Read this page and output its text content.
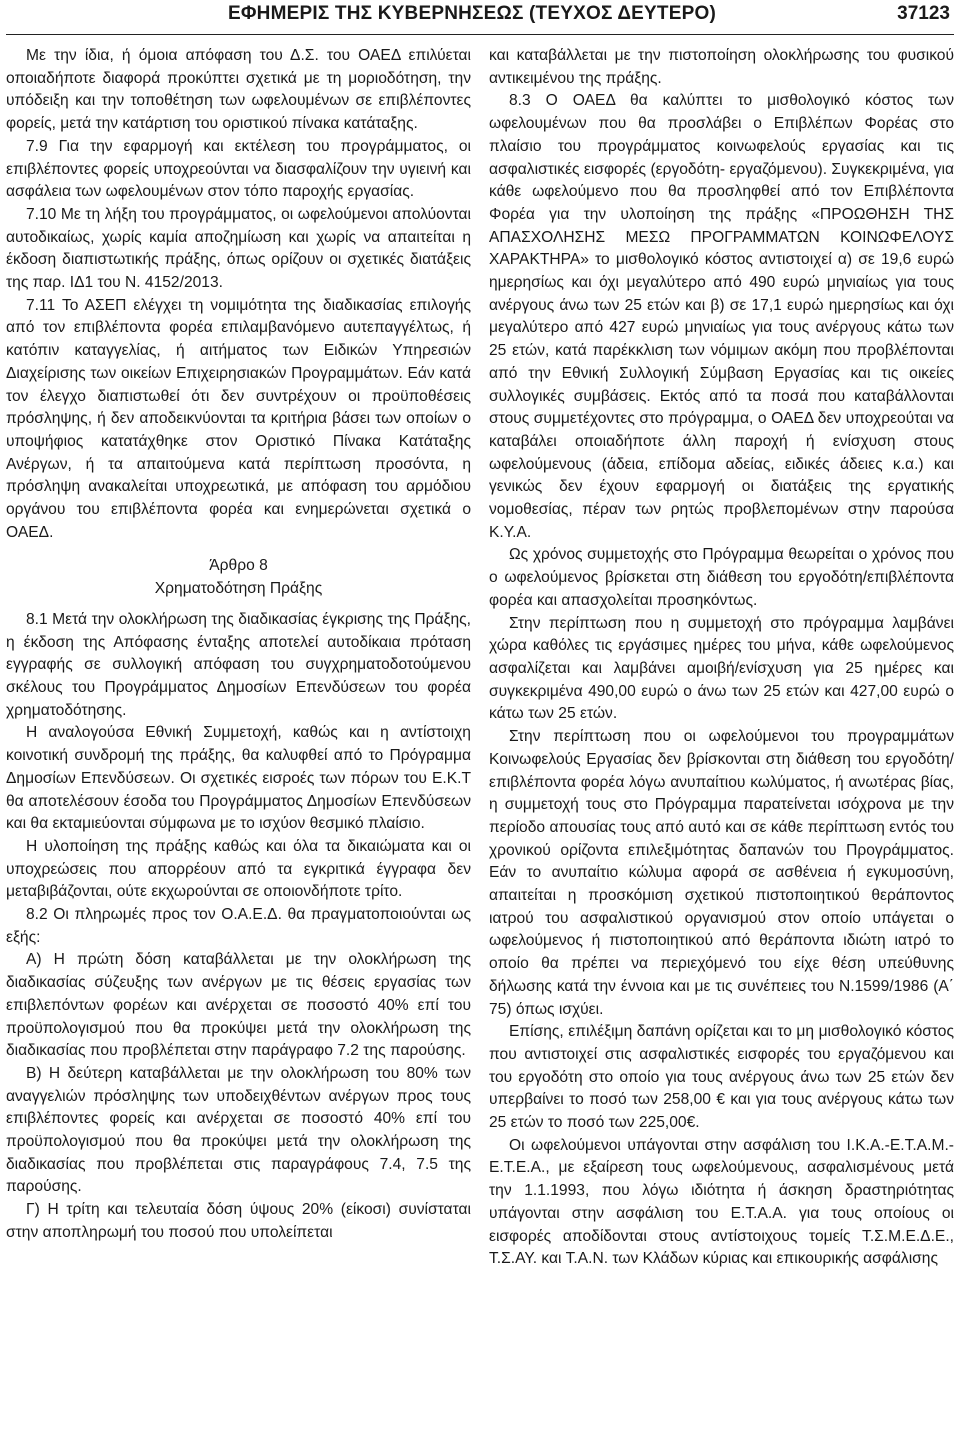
ΕΦΗΜΕΡΙΣ ΤΗΣ ΚΥΒΕΡΝΗΣΕΩΣ (ΤΕΥΧΟΣ ΔΕΥΤΕΡΟ)	37123

Με την ίδια, ή όμοια απόφαση του Δ.Σ. του ΟΑΕΔ επιλύεται οποιαδήποτε διαφορά προκύπτει σχετικά με τη μοριοδότηση, την υπόδειξη και την τοποθέτηση των ωφελουμένων σε επιβλέποντες φορείς, μετά την κατάρτιση του οριστικού πίνακα κατάταξης.

7.9 Για την εφαρμογή και εκτέλεση του προγράμματος, οι επιβλέποντες φορείς υποχρεούνται να διασφαλίζουν την υγιεινή και ασφάλεια των ωφελουμένων στον τόπο παροχής εργασίας.

7.10 Με τη λήξη του προγράμματος, οι ωφελούμενοι απολύονται αυτοδικαίως, χωρίς καμία αποζημίωση και χωρίς να απαιτείται η έκδοση διαπιστωτικής πράξης, όπως ορίζουν οι σχετικές διατάξεις της παρ. ΙΔ1 του Ν. 4152/2013.

7.11 Το ΑΣΕΠ ελέγχει τη νομιμότητα της διαδικασίας επιλογής από τον επιβλέποντα φορέα επιλαμβανόμενο αυτεπαγγέλτως, ή κατόπιν καταγγελίας, ή αιτήματος των Ειδικών Υπηρεσιών Διαχείρισης των οικείων Επιχειρησιακών Προγραμμάτων. Εάν κατά τον έλεγχο διαπιστωθεί ότι δεν συντρέχουν οι προϋποθέσεις πρόσληψης, ή δεν αποδεικνύονται τα κριτήρια βάσει των οποίων ο υποψήφιος κατατάχθηκε στον Οριστικό Πίνακα Κατάταξης Ανέργων, ή τα απαιτούμενα κατά περίπτωση προσόντα, η πρόσληψη ανακαλείται υποχρεωτικά, με απόφαση του αρμόδιου οργάνου του επιβλέποντα φορέα και ενημερώνεται σχετικά ο ΟΑΕΔ.

Άρθρο 8

Χρηματοδότηση Πράξης

8.1 Μετά την ολοκλήρωση της διαδικασίας έγκρισης της Πράξης, η έκδοση της Απόφασης ένταξης αποτελεί αυτοδίκαια πρόταση εγγραφής σε συλλογική απόφαση του συγχρηματοδοτούμενου σκέλους του Προγράμματος Δημοσίων Επενδύσεων του φορέα χρηματοδότησης.

Η αναλογούσα Εθνική Συμμετοχή, καθώς και η αντίστοιχη κοινοτική συνδρομή της πράξης, θα καλυφθεί από το Πρόγραμμα Δημοσίων Επενδύσεων. Οι σχετικές εισροές των πόρων του Ε.Κ.Τ θα αποτελέσουν έσοδα του Προγράμματος Δημοσίων Επενδύσεων και θα εκταμιεύονται σύμφωνα με το ισχύον θεσμικό πλαίσιο.

Η υλοποίηση της πράξης καθώς και όλα τα δικαιώματα και οι υποχρεώσεις που απορρέουν από τα εγκριτικά έγγραφα δεν μεταβιβάζονται, ούτε εκχωρούνται σε οποιονδήποτε τρίτο.

8.2 Οι πληρωμές προς τον Ο.Α.Ε.Δ. θα πραγματοποιούνται ως εξής:

Α) Η πρώτη δόση καταβάλλεται με την ολοκλήρωση της διαδικασίας σύζευξης των ανέργων με τις θέσεις εργασίας των επιβλεπόντων φορέων και ανέρχεται σε ποσοστό 40% επί του προϋπολογισμού που θα προκύψει μετά την ολοκλήρωση της διαδικασίας που προβλέπεται στην παράγραφο 7.2 της παρούσης.

Β) Η δεύτερη καταβάλλεται με την ολοκλήρωση του 80% των αναγγελιών πρόσληψης των υποδειχθέντων ανέργων προς τους επιβλέποντες φορείς και ανέρχεται σε ποσοστό 40% επί του προϋπολογισμού που θα προκύψει μετά την ολοκλήρωση της διαδικασίας που προβλέπεται στις παραγράφους 7.4, 7.5 της παρούσης.

Γ) Η τρίτη και τελευταία δόση ύψους 20% (είκοσι) συνίσταται στην αποπληρωμή του ποσού που υπολείπεται

και καταβάλλεται με την πιστοποίηση ολοκλήρωσης του φυσικού αντικειμένου της πράξης.

8.3 Ο ΟΑΕΔ θα καλύπτει το μισθολογικό κόστος των ωφελουμένων που θα προσλάβει ο Επιβλέπων Φορέας στο πλαίσιο του προγράμματος κοινωφελούς εργασίας και τις ασφαλιστικές εισφορές (εργοδότη- εργαζόμενου). Συγκεκριμένα, για κάθε ωφελούμενο που θα προσληφθεί από τον Επιβλέποντα Φορέα για την υλοποίηση της πράξης «ΠΡΟΩΘΗΣΗ ΤΗΣ ΑΠΑΣΧΟΛΗΣΗΣ ΜΕΣΩ ΠΡΟΓΡΑΜΜΑΤΩΝ ΚΟΙΝΩΦΕΛΟΥΣ ΧΑΡΑΚΤΗΡΑ» το μισθολογικό κόστος αντιστοιχεί α) σε 19,6 ευρώ ημερησίως και όχι μεγαλύτερο από 490 ευρώ μηνιαίως για τους ανέργους άνω των 25 ετών και β) σε 17,1 ευρώ ημερησίως και όχι μεγαλύτερο από 427 ευρώ μηνιαίως για τους ανέργους κάτω των 25 ετών, κατά παρέκκλιση των νόμιμων ακόμη που προβλέπονται από την Εθνική Συλλογική Σύμβαση Εργασίας και τις οικείες συλλογικές συμβάσεις. Εκτός από τα ποσά που καταβάλλονται στους συμμετέχοντες στο πρόγραμμα, ο ΟΑΕΔ δεν υποχρεούται να καταβάλει οποιαδήποτε άλλη παροχή ή ενίσχυση στους ωφελούμενους (άδεια, επίδομα αδείας, ειδικές άδειες κ.α.) και γενικώς δεν έχουν εφαρμογή οι διατάξεις της εργατικής νομοθεσίας, πέραν των ρητώς προβλεπομένων στην παρούσα Κ.Υ.Α.

Ως χρόνος συμμετοχής στο Πρόγραμμα θεωρείται ο χρόνος που ο ωφελούμενος βρίσκεται στη διάθεση του εργοδότη/επιβλέποντα φορέα και απασχολείται προσηκόντως.

Στην περίπτωση που η συμμετοχή στο πρόγραμμα λαμβάνει χώρα καθόλες τις εργάσιμες ημέρες του μήνα, κάθε ωφελούμενος ασφαλίζεται και λαμβάνει αμοιβή/ενίσχυση για 25 ημέρες και συγκεκριμένα 490,00 ευρώ ο άνω των 25 ετών και 427,00 ευρώ ο κάτω των 25 ετών.

Στην περίπτωση που οι ωφελούμενοι του προγραμμάτων Κοινωφελούς Εργασίας δεν βρίσκονται στη διάθεση του εργοδότη/επιβλέποντα φορέα λόγω ανυπαίτιου κωλύματος, ή ανωτέρας βίας, η συμμετοχή τους στο Πρόγραμμα παρατείνεται ισόχρονα με την περίοδο απουσίας τους από αυτό και σε κάθε περίπτωση εντός του χρονικού ορίζοντα επιλεξιμότητας δαπανών του Προγράμματος. Εάν το ανυπαίτιο κώλυμα αφορά σε ασθένεια ή εγκυμοσύνη, απαιτείται η προσκόμιση σχετικού πιστοποιητικού θεράποντος ιατρού του ασφαλιστικού οργανισμού στον οποίο υπάγεται ο ωφελούμενος ή πιστοποιητικού από θεράποντα ιδιώτη ιατρό το οποίο θα πρέπει να περιεχόμενό του είχε θέση υπεύθυνης δήλωσης κατά την έννοια και με τις συνέπειες του Ν.1599/1986 (Α΄ 75) όπως ισχύει.

Επίσης, επιλέξιμη δαπάνη ορίζεται και το μη μισθολογικό κόστος που αντιστοιχεί στις ασφαλιστικές εισφορές του εργαζόμενου και του εργοδότη στο οποίο για τους ανέργους άνω των 25 ετών δεν υπερβαίνει το ποσό των 258,00 € και για τους ανέργους κάτω των 25 ετών το ποσό των 225,00€.

Οι ωφελούμενοι υπάγονται στην ασφάλιση του Ι.Κ.Α.-Ε.Τ.Α.Μ.- Ε.Τ.Ε.Α., με εξαίρεση τους ωφελούμενους, ασφαλισμένους μετά την 1.1.1993, που λόγω ιδιότητα ή άσκηση δραστηριότητας υπάγονται στην ασφάλιση του Ε.Τ.Α.Α. για τους οποίους οι εισφορές αποδίδονται στους αντίστοιχους τομείς Τ.Σ.Μ.Ε.Δ.Ε., Τ.Σ.ΑΥ. και Τ.Α.Ν. των Κλάδων κύριας και επικουρικής ασφάλισης
